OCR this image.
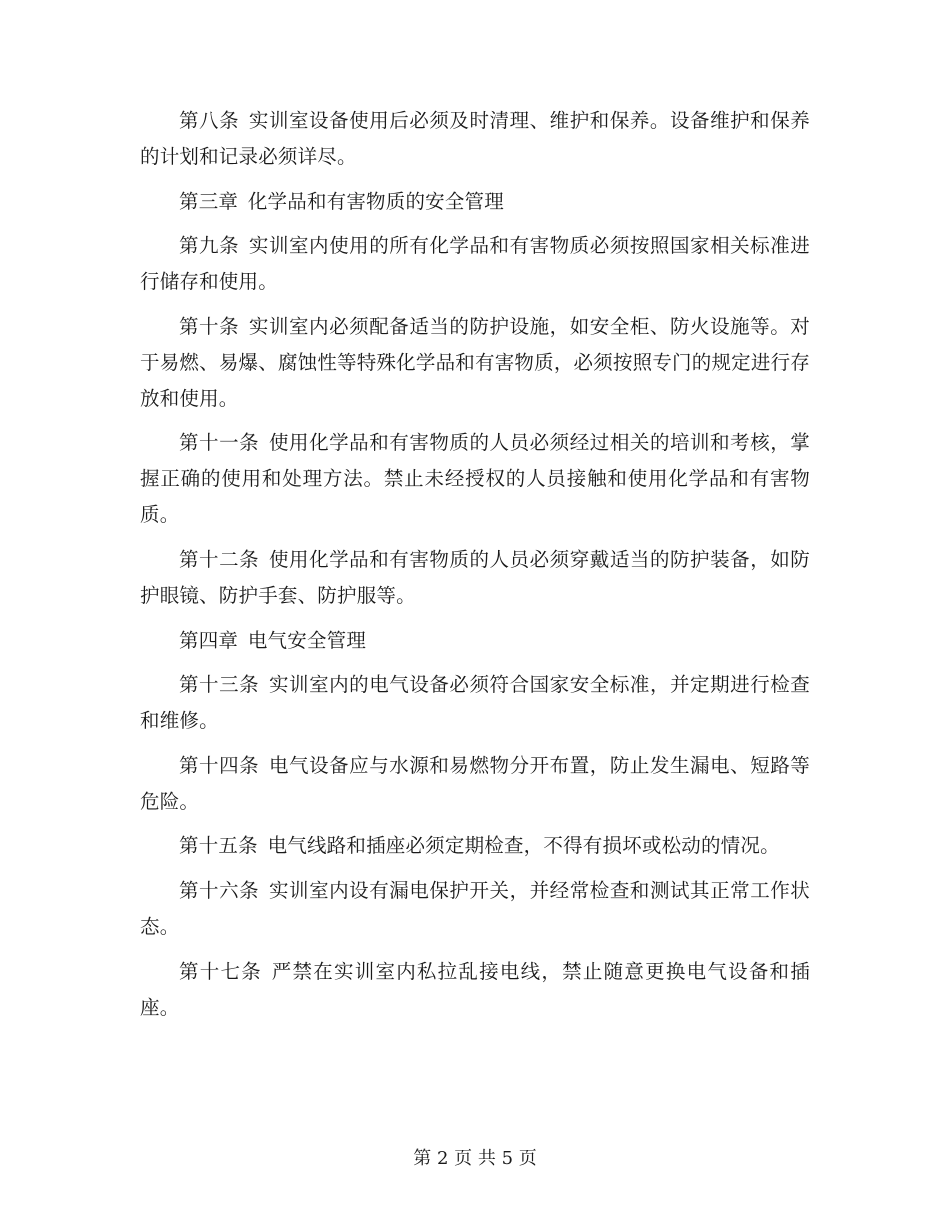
第八条 实训室设备使用后必须及时清理、维护和保养。设备维护和保养的计划和记录必须详尽。

第三章 化学品和有害物质的安全管理

第九条 实训室内使用的所有化学品和有害物质必须按照国家相关标准进行储存和使用。

第十条 实训室内必须配备适当的防护设施，如安全柜、防火设施等。对于易燃、易爆、腐蚀性等特殊化学品和有害物质，必须按照专门的规定进行存放和使用。

第十一条 使用化学品和有害物质的人员必须经过相关的培训和考核，掌握正确的使用和处理方法。禁止未经授权的人员接触和使用化学品和有害物质。

第十二条 使用化学品和有害物质的人员必须穿戴适当的防护装备，如防护眼镜、防护手套、防护服等。

第四章 电气安全管理

第十三条 实训室内的电气设备必须符合国家安全标准，并定期进行检查和维修。

第十四条 电气设备应与水源和易燃物分开布置，防止发生漏电、短路等危险。

第十五条 电气线路和插座必须定期检查，不得有损坏或松动的情况。

第十六条 实训室内设有漏电保护开关，并经常检查和测试其正常工作状态。

第十七条 严禁在实训室内私拉乱接电线，禁止随意更换电气设备和插座。

第 2 页 共 5 页
